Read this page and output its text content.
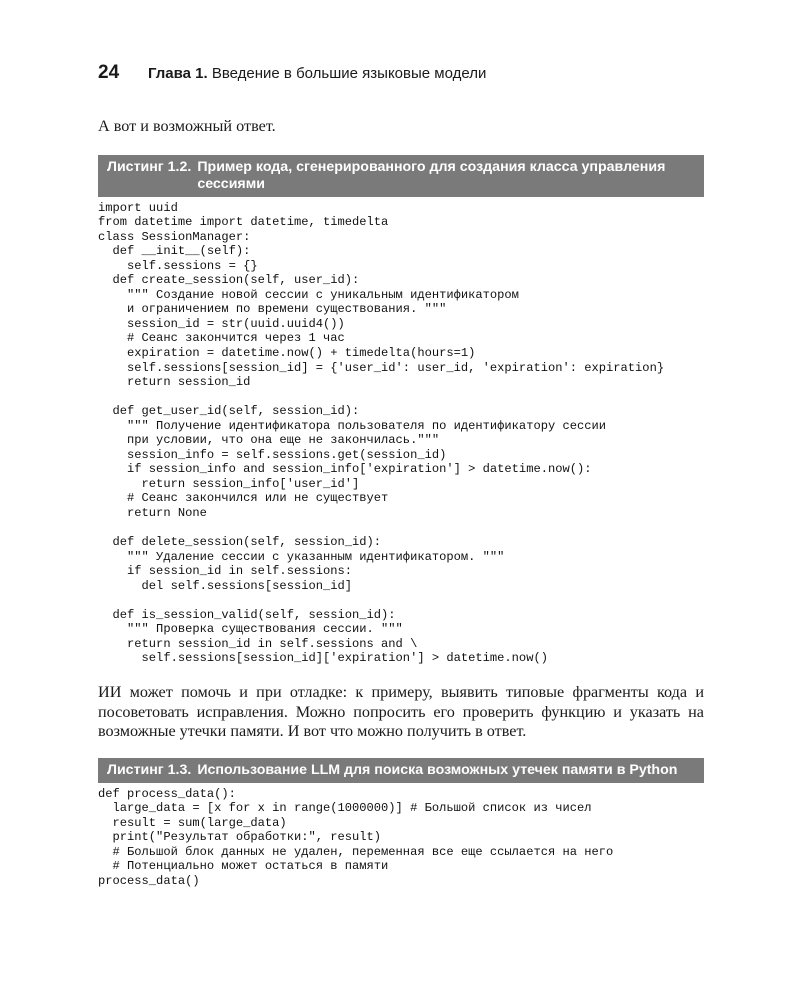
24	Глава 1. Введение в большие языковые модели

А вот и возможный ответ.

Листинг 1.2. Пример кода, сгенерированного для создания класса управления сессиями
import uuid
from datetime import datetime, timedelta
class SessionManager:
def __init__(self):
self.sessions = {}
def create_session(self, user_id):
""" Создание новой сессии с уникальным идентификатором
и ограничением по времени существования. """
session_id = str(uuid.uuid4())
# Сеанс закончится через 1 час
expiration = datetime.now() + timedelta(hours=1)
self.sessions[session_id] = {'user_id': user_id, 'expiration': expiration}
return session_id

def get_user_id(self, session_id):
""" Получение идентификатора пользователя по идентификатору сессии
при условии, что она еще не закончилась."""
session_info = self.sessions.get(session_id)
if session_info and session_info['expiration'] > datetime.now():
return session_info['user_id']
# Сеанс закончился или не существует
return None

def delete_session(self, session_id):
""" Удаление сессии с указанным идентификатором. """
if session_id in self.sessions:
del self.sessions[session_id]

def is_session_valid(self, session_id):
""" Проверка существования сессии. """
return session_id in self.sessions and \
self.sessions[session_id]['expiration'] > datetime.now()

ИИ может помочь и при отладке: к примеру, выявить типовые фрагменты кода и посоветовать исправления. Можно попросить его проверить функцию и указать на возможные утечки памяти. И вот что можно получить в ответ.

Листинг 1.3. Использование LLM для поиска возможных утечек памяти в Python
def process_data():
large_data = [x for x in range(1000000)] # Большой список из чисел
result = sum(large_data)
print("Результат обработки:", result)
# Большой блок данных не удален, переменная все еще ссылается на него
# Потенциально может остаться в памяти
process_data()
